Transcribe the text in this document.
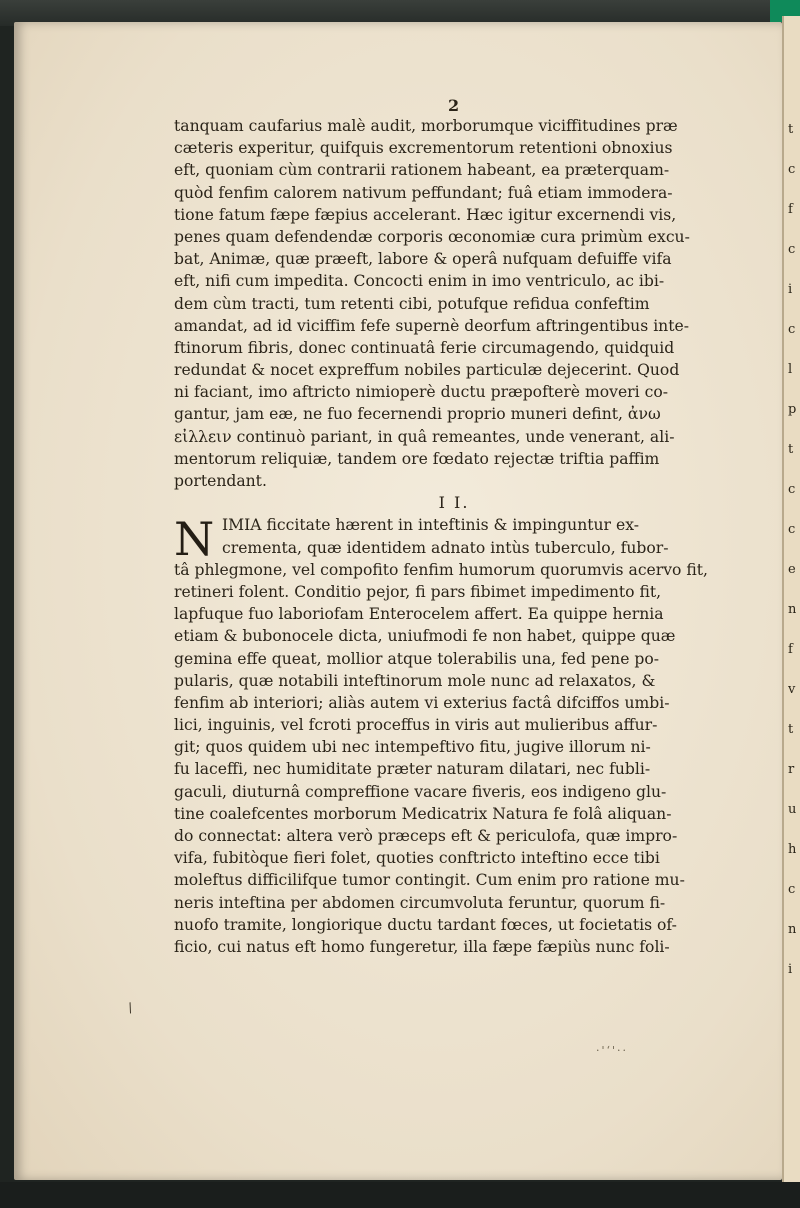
t
c
f
c
i
c
l
p
t
c
c
e
n
f
v
t
r
u
h
c
n
i
2
tanquam caufarius malè audit, morborumque viciffitudines præ
cæteris experitur, quifquis excrementorum retentioni obnoxius
eft, quoniam cùm contrarii rationem habeant, ea præterquam-
quòd fenfim calorem nativum peffundant; fuâ etiam immodera-
tione fatum fæpe fæpius accelerant. Hæc igitur excernendi vis,
penes quam defendendæ corporis œconomiæ cura primùm excu-
bat, Animæ, quæ præeft, labore & operâ nufquam defuiffe vifa
eft, nifi cum impedita. Concocti enim in imo ventriculo, ac ibi-
dem cùm tracti, tum retenti cibi, potufque refidua confeftim
amandat, ad id viciffim fefe supernè deorfum aftringentibus inte-
ftinorum fibris, donec continuatâ ferie circumagendo, quidquid
redundat & nocet expreffum nobiles particulæ dejecerint. Quod
ni faciant, imo aftricto nimioperè ductu præpofterè moveri co-
gantur, jam eæ, ne fuo fecernendi proprio muneri defint, ἀνω
εἰλλειν continuò pariant, in quâ remeantes, unde venerant, ali-
mentorum reliquiæ, tandem ore fœdato rejectæ triftia paffim
portendant.
I I.
N IMIA ficcitate hærent in inteftinis & impinguntur ex-
crementa, quæ identidem adnato intùs tuberculo, fubor-
tâ phlegmone, vel compofito fenfim humorum quorumvis acervo fit,
retineri folent. Conditio pejor, fi pars fibimet impedimento fit,
lapfuque fuo laboriofam Enterocelem affert. Ea quippe hernia
etiam & bubonocele dicta, uniufmodi fe non habet, quippe quæ
gemina effe queat, mollior atque tolerabilis una, fed pene po-
pularis, quæ notabili inteftinorum mole nunc ad relaxatos, &
fenfim ab interiori; aliàs autem vi exterius factâ difciffos umbi-
lici, inguinis, vel fcroti proceffus in viris aut mulieribus affur-
git; quos quidem ubi nec intempeftivo fitu, jugive illorum ni-
fu laceffi, nec humiditate præter naturam dilatari, nec fubli-
gaculi, diuturnâ compreffione vacare fiveris, eos indigeno glu-
tine coalefcentes morborum Medicatrix Natura fe folâ aliquan-
do connectat: altera verò præceps eft & periculofa, quæ impro-
vifa, fubitòque fieri folet, quoties conftricto inteftino ecce tibi
moleftus difficilifque tumor contingit. Cum enim pro ratione mu-
neris inteftina per abdomen circumvoluta feruntur, quorum fi-
nuofo tramite, longiorique ductu tardant fœces, ut focietatis of-
ficio, cui natus eft homo fungeretur, illa fæpe fæpiùs nunc foli-
/
·'ʻ'··
